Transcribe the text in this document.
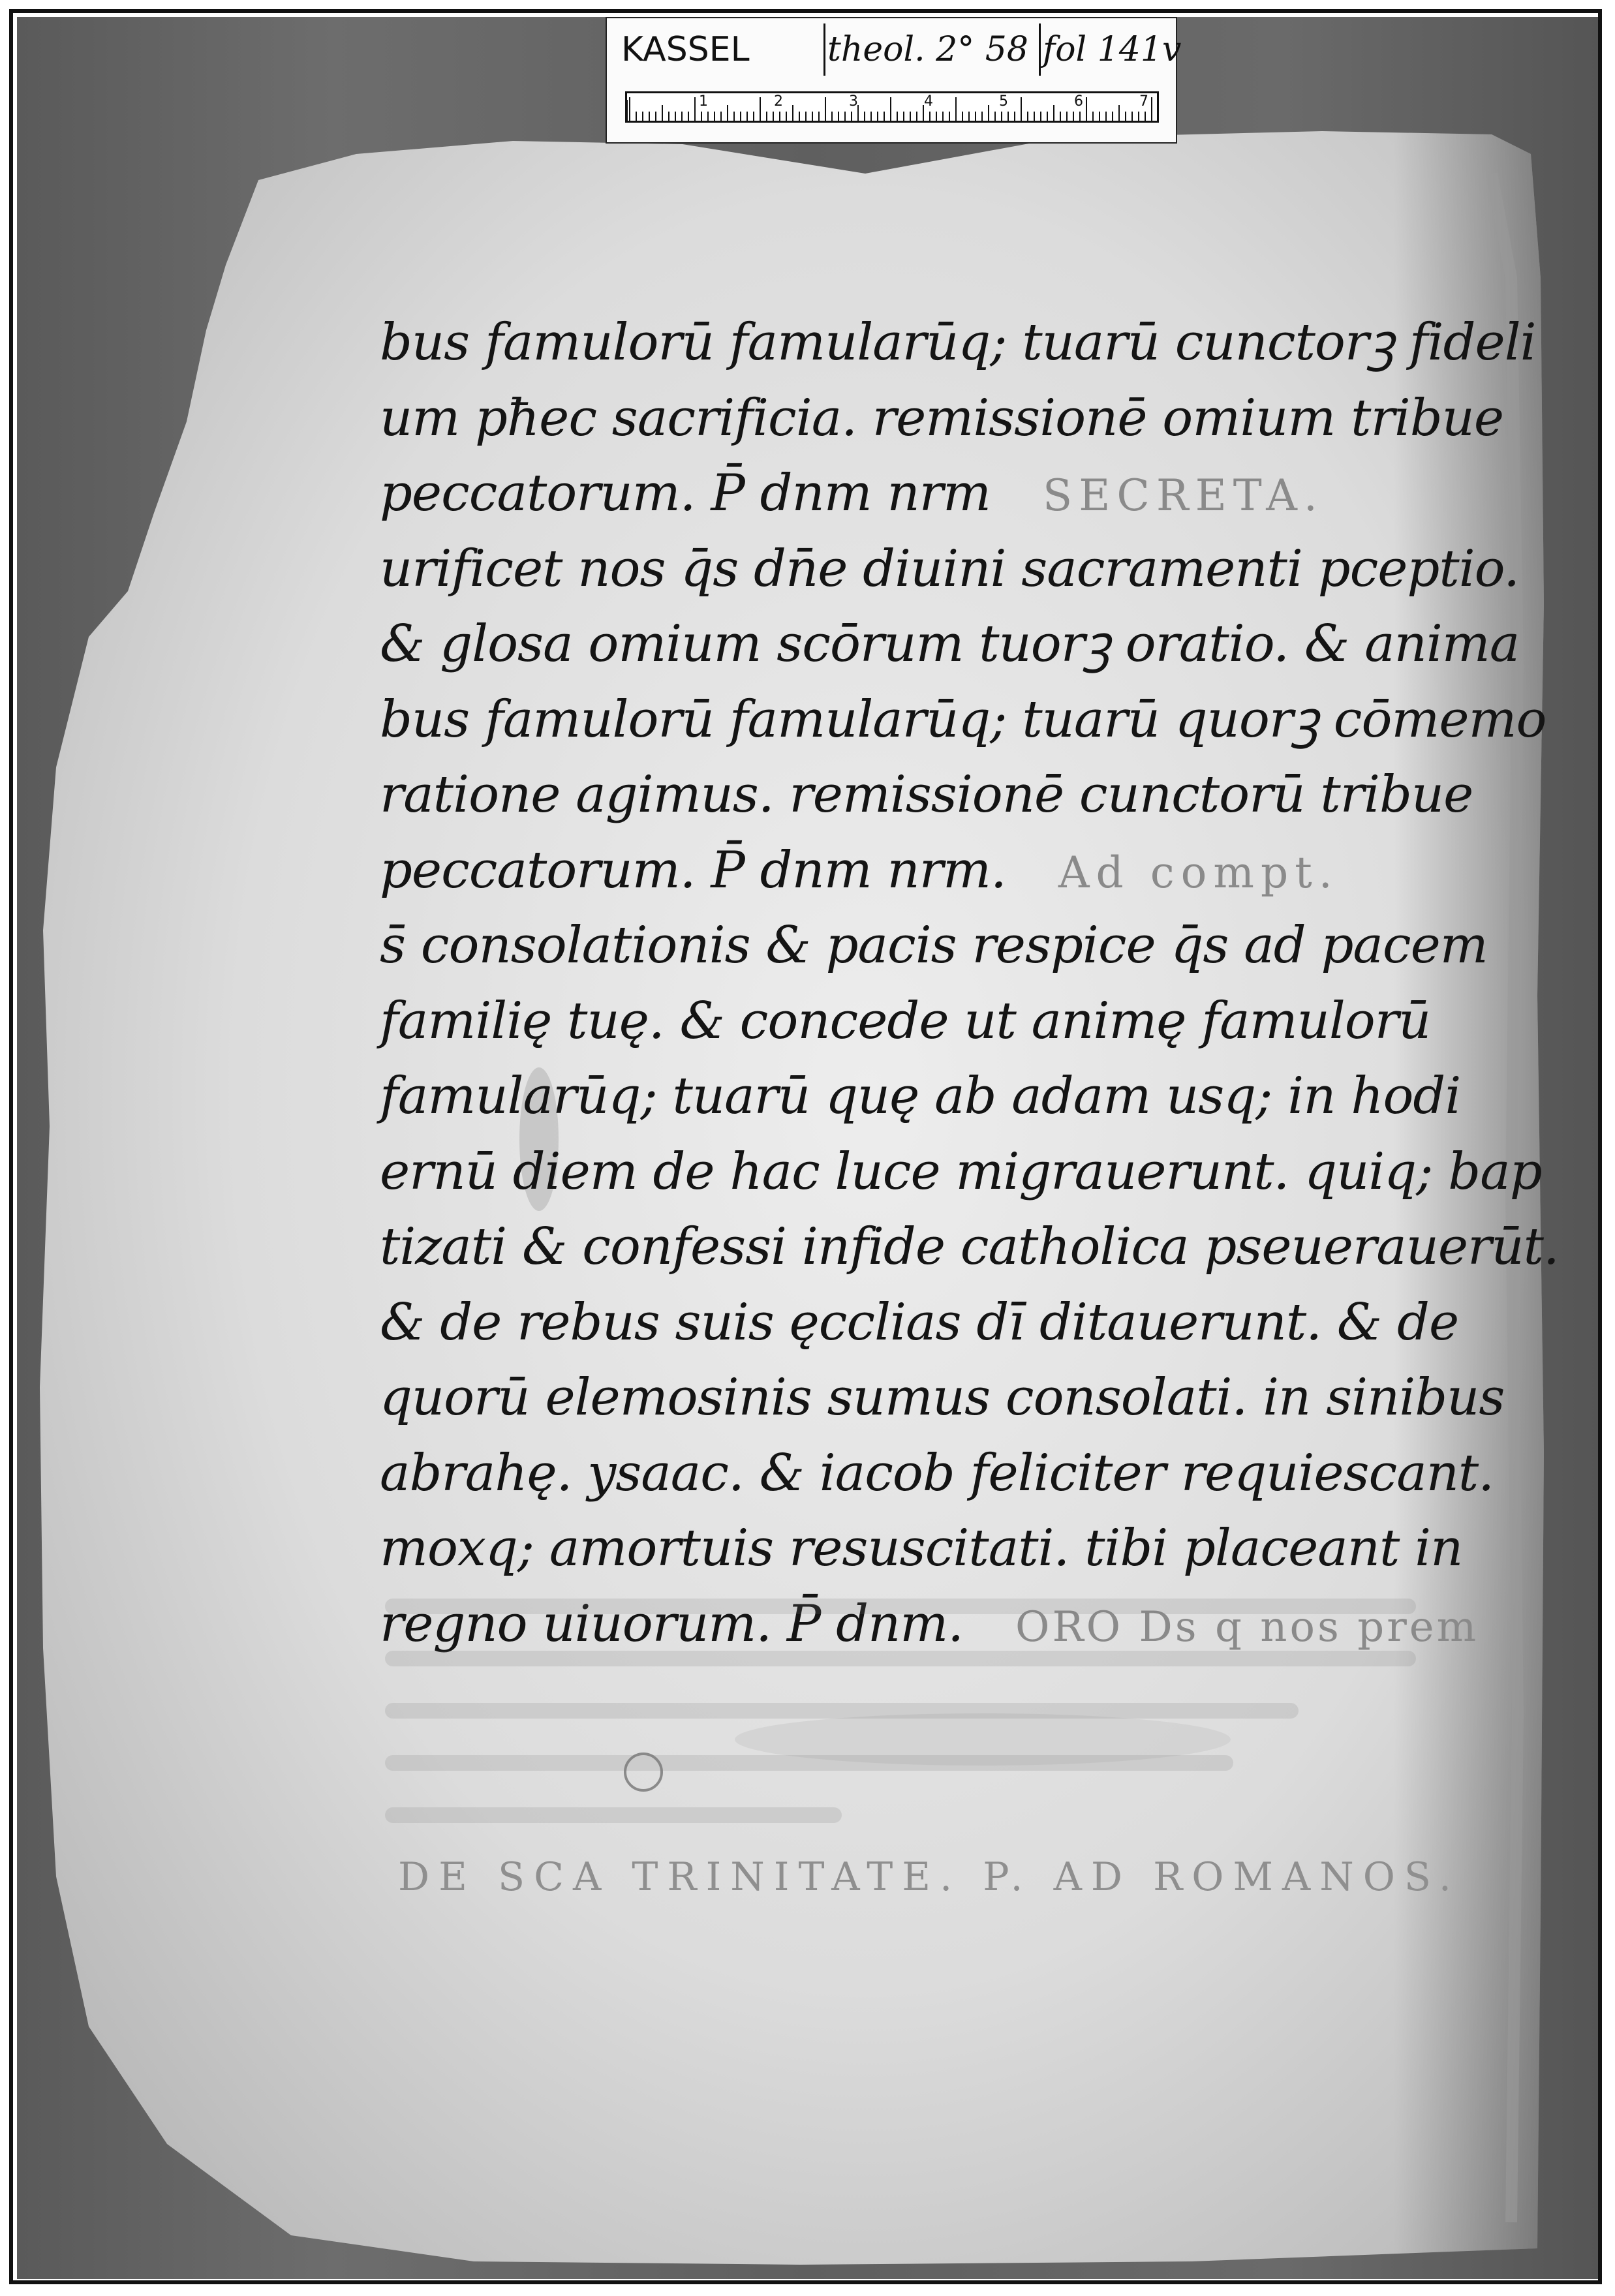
KASSEL theol. 2° 58 fol 141v
1	2	3	4	5	6	7
bus famulorū famularūq; tuarū cunctorꝫ fideli
um pħec sacrificia. remissionē omium tribue
peccatorum. P̄ dnm nrm SECRETA.
urificet nos q̄s dn̄e diuini sacramenti pceptio.
& glosa omium scōrum tuorꝫ oratio. & anima
bus famulorū famularūq; tuarū quorꝫ cōmemo
ratione agimus. remissionē cunctorū tribue
peccatorum. P̄ dnm nrm. Ad compt.
s̄ consolationis & pacis respice q̄s ad pacem
familię tuę. & concede ut animę famulorū
famularūq; tuarū quę ab adam usq; in hodi
ernū diem de hac luce migrauerunt. quiq; bap
tizati & confessi infide catholica pseuerauerūt.
& de rebus suis ęcclias dī ditauerunt. & de
quorū elemosinis sumus consolati. in sinibus
abrahę. ysaac. & iacob feliciter requiescant.
moxq; amortuis resuscitati. tibi placeant in
regno uiuorum. P̄ dnm. ORO Ds q nos prem
DE SCA TRINITATE. P. AD ROMANOS.
